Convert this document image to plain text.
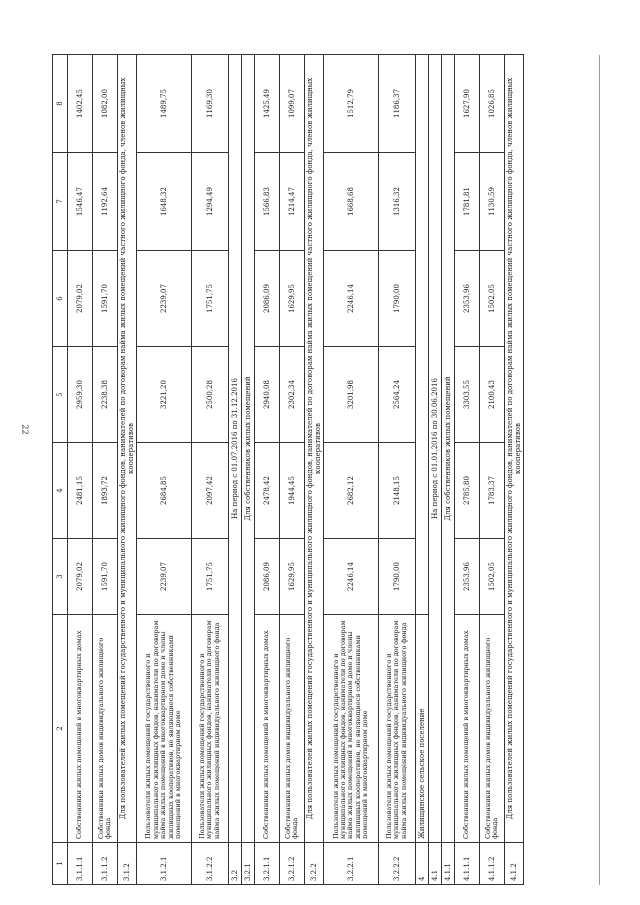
22
1	2	3	4	5	6	7	8
3.1.1.1	Собственники жилых помещений в многоквартирных домах	2079,02	2481,15	2959,30	2079,02	1546,47	1402,45
3.1.1.2	Собственники жилых домов индивидуального жилищного фонда	1591,70	1893,72	2238,38	1591,70	1192,64	1082,00
3.1.2	Для пользователей жилых помещений государственного и муниципального жилищного фондов, нанимателей по договорам найма жилых помещений частного жилищного фонда, членов жилищных кооперативов						
3.1.2.1	Пользователи жилых помещений государственного и муниципального жилищных фондов, наниматели по договорам найма жилых помещений в многоквартирном доме и члены жилищных кооперативов, не являющиеся собственниками помещений в многоквартирном доме	2239,07	2684,85	3221,20	2239,07	1648,32	1489,75
3.1.2.2	Пользователи жилых помещений государственного и муниципального жилищных фондов, наниматели по договорам найма жилых помещений индивидуального жилищного фонда	1751,75	2097,42	2500,28	1751,75	1294,49	1169,30
3.2	На период с 01.07.2016 по 31.12.2016						
3.2.1	Для собственников жилых помещений						
3.2.1.1	Собственники жилых помещений в многоквартирных домах	2086,09	2478,42	2940,08	2086,09	1566,83	1425,49
3.2.1.2	Собственники жилых домов индивидуального жилищного фонда	1629,95	1944,45	2302,34	1629,95	1214,47	1099,07
3.2.2	Для пользователей жилых помещений государственного и муниципального жилищного фондов, нанимателей по договорам найма жилых помещений частного жилищного фонда, членов жилищных кооперативов						
3.2.2.1	Пользователи жилых помещений государственного и муниципального жилищных фондов, наниматели по договорам найма жилых помещений в многоквартирном доме и члены жилищных кооперативов, не являющиеся собственниками помещений в многоквартирном доме	2246,14	2682,12	3201,98	2246,14	1668,68	1512,79
3.2.2.2	Пользователи жилых помещений государственного и муниципального жилищных фондов, наниматели по договорам найма жилых помещений индивидуального жилищного фонда	1790,00	2148,15	2564,24	1790,00	1316,32	1186,37
4	Жилищинское сельское поселение						
4.1	На период с 01.01.2016 по 30.06.2016						
4.1.1	Для собственников жилых помещений						
4.1.1.1	Собственники жилых помещений в многоквартирных домах	2353,96	2785,80	3303,55	2353,96	1781,81	1627,90
4.1.1.2	Собственники жилых домов индивидуального жилищного фонда	1502,05	1783,37	2100,43	1502,05	1130,59	1026,85
4.1.2	Для пользователей жилых помещений государственного и муниципального жилищного фондов, нанимателей по договорам найма жилых помещений частного жилищного фонда, членов жилищных кооперативов						
